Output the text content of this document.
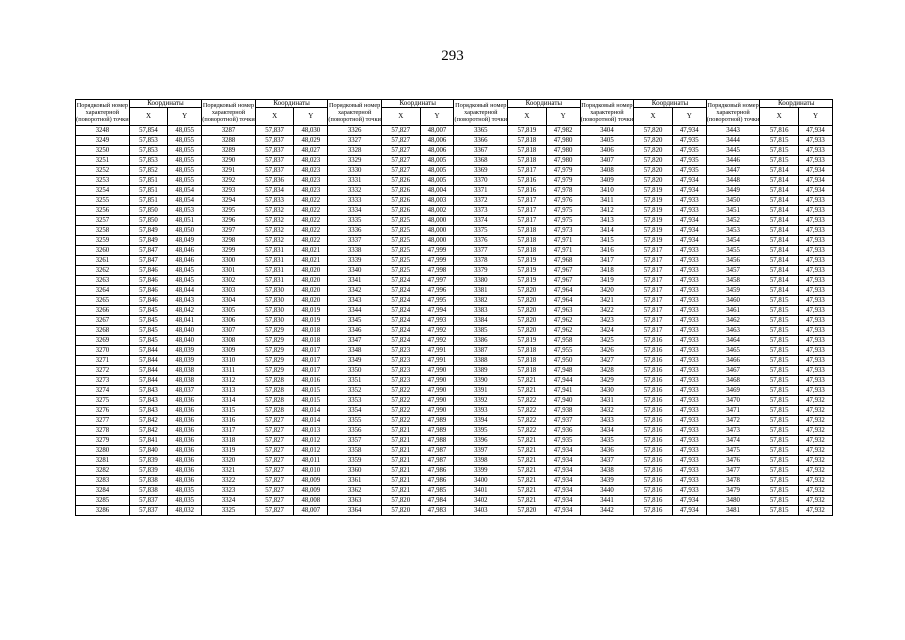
293
Порядковый номер характерной (поворотной) точки	Координаты		Порядковый номер характерной (поворотной) точки	Координаты		Порядковый номер характерной (поворотной) точки	Координаты		Порядковый номер характерной (поворотной) точки	Координаты		Порядковый номер характерной (поворотной) точки	Координаты		Порядковый номер характерной (поворотной) точки	Координаты	
	X	Y		X	Y		X	Y		X	Y		X	Y		X	Y
3248	57,854	48,055	3287	57,837	48,030	3326	57,827	48,007	3365	57,819	47,982	3404	57,820	47,934	3443	57,816	47,934
3249	57,853	48,055	3288	57,837	48,029	3327	57,827	48,006	3366	57,818	47,980	3405	57,820	47,935	3444	57,815	47,933
3250	57,853	48,055	3289	57,837	48,027	3328	57,827	48,006	3367	57,818	47,980	3406	57,820	47,935	3445	57,815	47,933
3251	57,853	48,055	3290	57,837	48,023	3329	57,827	48,005	3368	57,818	47,980	3407	57,820	47,935	3446	57,815	47,933
3252	57,852	48,055	3291	57,837	48,023	3330	57,827	48,005	3369	57,817	47,979	3408	57,820	47,935	3447	57,814	47,934
3253	57,851	48,055	3292	57,836	48,023	3331	57,826	48,005	3370	57,816	47,979	3409	57,820	47,934	3448	57,814	47,934
3254	57,851	48,054	3293	57,834	48,023	3332	57,826	48,004	3371	57,816	47,978	3410	57,819	47,934	3449	57,814	47,934
3255	57,851	48,054	3294	57,833	48,022	3333	57,826	48,003	3372	57,817	47,976	3411	57,819	47,933	3450	57,814	47,933
3256	57,850	48,053	3295	57,832	48,022	3334	57,826	48,002	3373	57,817	47,975	3412	57,819	47,933	3451	57,814	47,933
3257	57,850	48,051	3296	57,832	48,022	3335	57,825	48,000	3374	57,817	47,975	3413	57,819	47,934	3452	57,814	47,933
3258	57,849	48,050	3297	57,832	48,022	3336	57,825	48,000	3375	57,818	47,973	3414	57,819	47,934	3453	57,814	47,933
3259	57,849	48,049	3298	57,832	48,022	3337	57,825	48,000	3376	57,818	47,971	3415	57,819	47,934	3454	57,814	47,933
3260	57,847	48,046	3299	57,831	48,021	3338	57,825	47,999	3377	57,818	47,971	3416	57,817	47,933	3455	57,814	47,933
3261	57,847	48,046	3300	57,831	48,021	3339	57,825	47,999	3378	57,819	47,968	3417	57,817	47,933	3456	57,814	47,933
3262	57,846	48,045	3301	57,831	48,020	3340	57,825	47,998	3379	57,819	47,967	3418	57,817	47,933	3457	57,814	47,933
3263	57,846	48,045	3302	57,831	48,020	3341	57,824	47,997	3380	57,819	47,967	3419	57,817	47,933	3458	57,814	47,933
3264	57,846	48,044	3303	57,830	48,020	3342	57,824	47,996	3381	57,820	47,964	3420	57,817	47,933	3459	57,814	47,933
3265	57,846	48,043	3304	57,830	48,020	3343	57,824	47,995	3382	57,820	47,964	3421	57,817	47,933	3460	57,815	47,933
3266	57,845	48,042	3305	57,830	48,019	3344	57,824	47,994	3383	57,820	47,963	3422	57,817	47,933	3461	57,815	47,933
3267	57,845	48,041	3306	57,830	48,019	3345	57,824	47,993	3384	57,820	47,962	3423	57,817	47,933	3462	57,815	47,933
3268	57,845	48,040	3307	57,829	48,018	3346	57,824	47,992	3385	57,820	47,962	3424	57,817	47,933	3463	57,815	47,933
3269	57,845	48,040	3308	57,829	48,018	3347	57,824	47,992	3386	57,819	47,958	3425	57,816	47,933	3464	57,815	47,933
3270	57,844	48,039	3309	57,829	48,017	3348	57,823	47,991	3387	57,818	47,955	3426	57,816	47,933	3465	57,815	47,933
3271	57,844	48,039	3310	57,829	48,017	3349	57,823	47,991	3388	57,818	47,950	3427	57,816	47,933	3466	57,815	47,933
3272	57,844	48,038	3311	57,829	48,017	3350	57,823	47,990	3389	57,818	47,948	3428	57,816	47,933	3467	57,815	47,933
3273	57,844	48,038	3312	57,828	48,016	3351	57,823	47,990	3390	57,821	47,944	3429	57,816	47,933	3468	57,815	47,933
3274	57,843	48,037	3313	57,828	48,015	3352	57,822	47,990	3391	57,821	47,941	3430	57,816	47,933	3469	57,815	47,933
3275	57,843	48,036	3314	57,828	48,015	3353	57,822	47,990	3392	57,822	47,940	3431	57,816	47,933	3470	57,815	47,932
3276	57,843	48,036	3315	57,828	48,014	3354	57,822	47,990	3393	57,822	47,938	3432	57,816	47,933	3471	57,815	47,932
3277	57,842	48,036	3316	57,827	48,014	3355	57,822	47,989	3394	57,822	47,937	3433	57,816	47,933	3472	57,815	47,932
3278	57,842	48,036	3317	57,827	48,013	3356	57,821	47,989	3395	57,822	47,936	3434	57,816	47,933	3473	57,815	47,932
3279	57,841	48,036	3318	57,827	48,012	3357	57,821	47,988	3396	57,821	47,935	3435	57,816	47,933	3474	57,815	47,932
3280	57,840	48,036	3319	57,827	48,012	3358	57,821	47,987	3397	57,821	47,934	3436	57,816	47,933	3475	57,815	47,932
3281	57,839	48,036	3320	57,827	48,011	3359	57,821	47,987	3398	57,821	47,934	3437	57,816	47,933	3476	57,815	47,932
3282	57,839	48,036	3321	57,827	48,010	3360	57,821	47,986	3399	57,821	47,934	3438	57,816	47,933	3477	57,815	47,932
3283	57,838	48,036	3322	57,827	48,009	3361	57,821	47,986	3400	57,821	47,934	3439	57,816	47,933	3478	57,815	47,932
3284	57,838	48,035	3323	57,827	48,009	3362	57,821	47,985	3401	57,821	47,934	3440	57,816	47,933	3479	57,815	47,932
3285	57,837	48,035	3324	57,827	48,008	3363	57,820	47,984	3402	57,821	47,934	3441	57,816	47,934	3480	57,815	47,932
3286	57,837	48,032	3325	57,827	48,007	3364	57,820	47,983	3403	57,820	47,934	3442	57,816	47,934	3481	57,815	47,932
